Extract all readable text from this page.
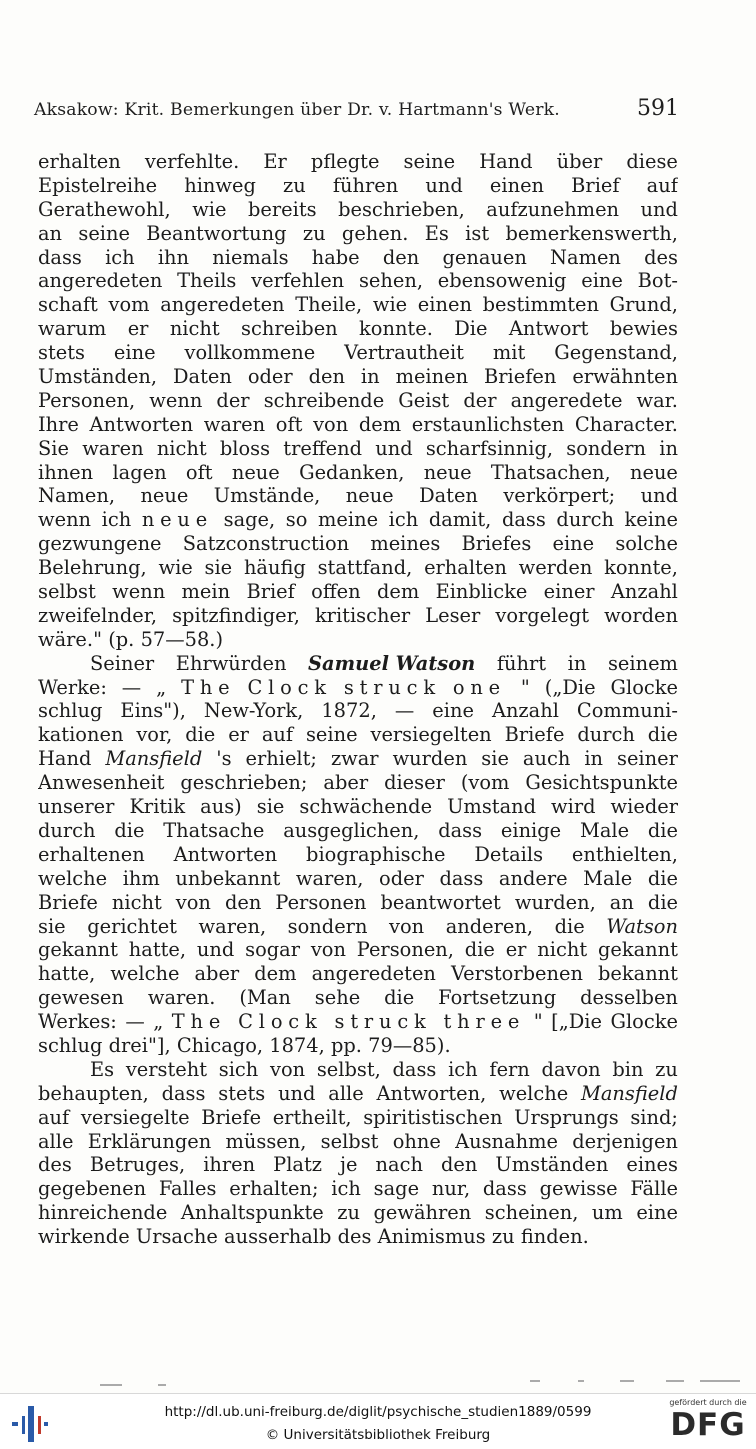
Aksakow: Krit. Bemerkungen über Dr. v. Hartmann's Werk.	591
erhalten verfehlte. Er pflegte seine Hand über diese
Epistelreihe hinweg zu führen und einen Brief auf
Gerathewohl, wie bereits beschrieben, aufzunehmen und
an seine Beantwortung zu gehen. Es ist bemerkenswerth,
dass ich ihn niemals habe den genauen Namen des
angeredeten Theils verfehlen sehen, ebensowenig eine Bot-
schaft vom angeredeten Theile, wie einen bestimmten Grund,
warum er nicht schreiben konnte. Die Antwort bewies
stets eine vollkommene Vertrautheit mit Gegenstand,
Umständen, Daten oder den in meinen Briefen erwähnten
Personen, wenn der schreibende Geist der angeredete war.
Ihre Antworten waren oft von dem erstaunlichsten Character.
Sie waren nicht bloss treffend und scharfsinnig, sondern in
ihnen lagen oft neue Gedanken, neue Thatsachen, neue
Namen, neue Umstände, neue Daten verkörpert; und
wenn ich neue sage, so meine ich damit, dass durch keine
gezwungene Satzconstruction meines Briefes eine solche
Belehrung, wie sie häufig stattfand, erhalten werden konnte,
selbst wenn mein Brief offen dem Einblicke einer Anzahl
zweifelnder, spitzfindiger, kritischer Leser vorgelegt worden
wäre." (p. 57—58.)
Seiner Ehrwürden Samuel Watson führt in seinem
Werke: — „ The Clock struck one " („Die Glocke
schlug Eins"), New-York, 1872, — eine Anzahl Communi-
kationen vor, die er auf seine versiegelten Briefe durch die
Hand Mansfield 's erhielt; zwar wurden sie auch in seiner
Anwesenheit geschrieben; aber dieser (vom Gesichtspunkte
unserer Kritik aus) sie schwächende Umstand wird wieder
durch die Thatsache ausgeglichen, dass einige Male die
erhaltenen Antworten biographische Details enthielten,
welche ihm unbekannt waren, oder dass andere Male die
Briefe nicht von den Personen beantwortet wurden, an die
sie gerichtet waren, sondern von anderen, die Watson
gekannt hatte, und sogar von Personen, die er nicht gekannt
hatte, welche aber dem angeredeten Verstorbenen bekannt
gewesen waren. (Man sehe die Fortsetzung desselben
Werkes: — „ The Clock struck three " [„Die Glocke
schlug drei"], Chicago, 1874, pp. 79—85).
Es versteht sich von selbst, dass ich fern davon bin zu
behaupten, dass stets und alle Antworten, welche Mansfield
auf versiegelte Briefe ertheilt, spiritistischen Ursprungs sind;
alle Erklärungen müssen, selbst ohne Ausnahme derjenigen
des Betruges, ihren Platz je nach den Umständen eines
gegebenen Falles erhalten; ich sage nur, dass gewisse Fälle
hinreichende Anhaltspunkte zu gewähren scheinen, um eine
wirkende Ursache ausserhalb des Animismus zu finden.
http://dl.ub.uni-freiburg.de/diglit/psychische_studien1889/0599
© Universitätsbibliothek Freiburg
gefördert durch die
DFG
